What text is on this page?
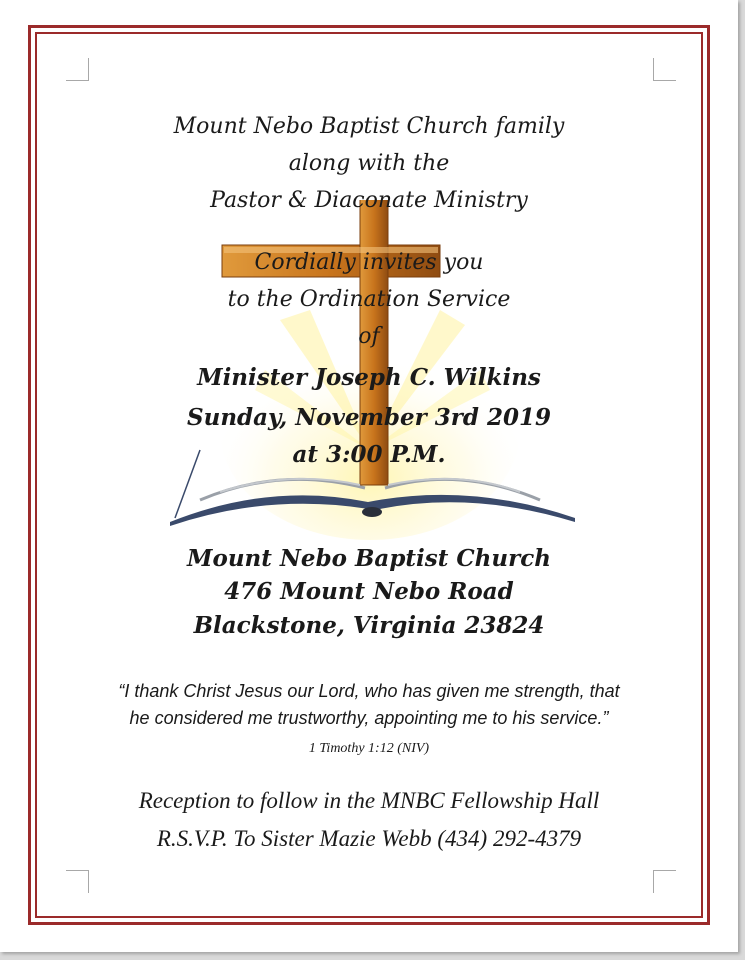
Mount Nebo Baptist Church family
along with the
Pastor & Diaconate Ministry
Cordially invites you
to the Ordination Service
of
Minister Joseph C. Wilkins
Sunday, November 3rd 2019
at 3:00 P.M.
Mount Nebo Baptist Church
476 Mount Nebo Road
Blackstone, Virginia 23824
“I thank Christ Jesus our Lord, who has given me strength, that
he considered me trustworthy, appointing me to his service.”
1 Timothy 1:12 (NIV)
Reception to follow in the MNBC Fellowship Hall
R.S.V.P. To Sister Mazie Webb (434) 292-4379
